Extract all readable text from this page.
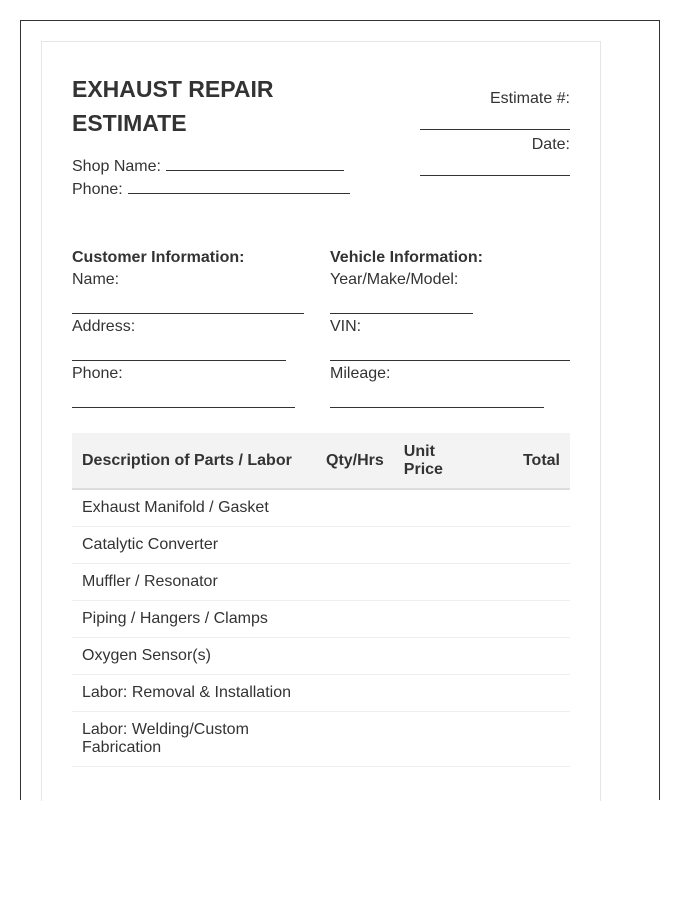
EXHAUST REPAIR ESTIMATE
Estimate #:
Date:
Shop Name:
Phone:
Customer Information:
Name:
Address:
Phone:
Vehicle Information:
Year/Make/Model:
VIN:
Mileage:
Description of Parts / Labor	Qty/Hrs	Unit Price	Total
Exhaust Manifold / Gasket			
Catalytic Converter			
Muffler / Resonator			
Piping / Hangers / Clamps			
Oxygen Sensor(s)			
Labor: Removal & Installation			
Labor: Welding/Custom Fabrication			
